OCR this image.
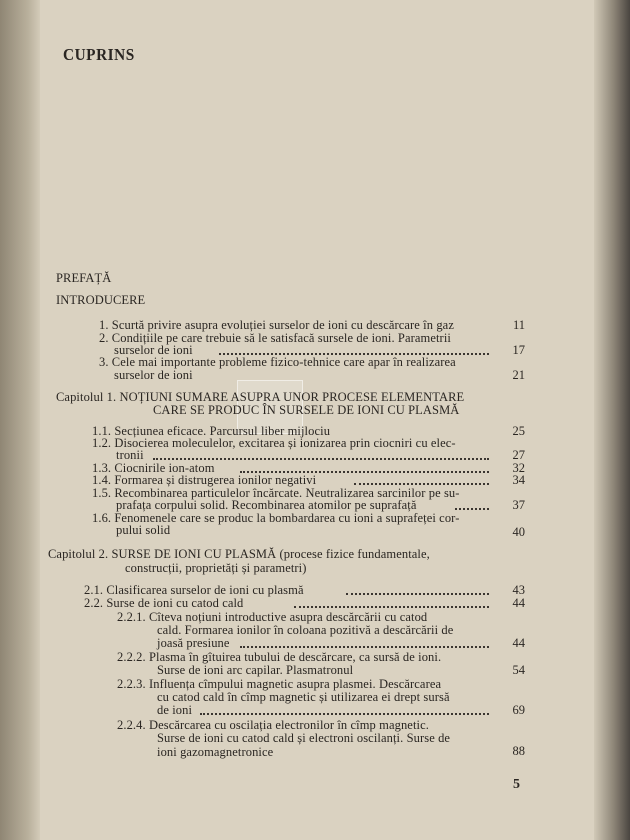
CUPRINS
PREFAȚĂ
INTRODUCERE
1. Scurtă privire asupra evoluției surselor de ioni cu descărcare în gaz	11
2. Condițiile pe care trebuie să le satisfacă sursele de ioni. Parametrii
surselor de ioni	17
3. Cele mai importante probleme fizico-tehnice care apar în realizarea
surselor de ioni	21
Capitolul 1. NOȚIUNI SUMARE ASUPRA UNOR PROCESE ELEMENTARE
CARE SE PRODUC ÎN SURSELE DE IONI CU PLASMĂ
1.1. Secțiunea eficace. Parcursul liber mijlociu	25
1.2. Disocierea moleculelor, excitarea și ionizarea prin ciocniri cu elec-
tronii	27
1.3. Ciocnirile ion-atom	32
1.4. Formarea și distrugerea ionilor negativi	34
1.5. Recombinarea particulelor încărcate. Neutralizarea sarcinilor pe su-
prafața corpului solid. Recombinarea atomilor pe suprafață	37
1.6. Fenomenele care se produc la bombardarea cu ioni a suprafeței cor-
pului solid	40
Capitolul 2. SURSE DE IONI CU PLASMĂ (procese fizice fundamentale,
construcții, proprietăți și parametri)
2.1. Clasificarea surselor de ioni cu plasmă	43
2.2. Surse de ioni cu catod cald	44
2.2.1. Cîteva noțiuni introductive asupra descărcării cu catod
cald. Formarea ionilor în coloana pozitivă a descărcării de
joasă presiune	44
2.2.2. Plasma în gîtuirea tubului de descărcare, ca sursă de ioni.
Surse de ioni arc capilar. Plasmatronul	54
2.2.3. Influența cîmpului magnetic asupra plasmei. Descărcarea
cu catod cald în cîmp magnetic și utilizarea ei drept sursă
de ioni	69
2.2.4. Descărcarea cu oscilația electronilor în cîmp magnetic.
Surse de ioni cu catod cald și electroni oscilanți. Surse de
ioni gazomagnetronice	88
5
